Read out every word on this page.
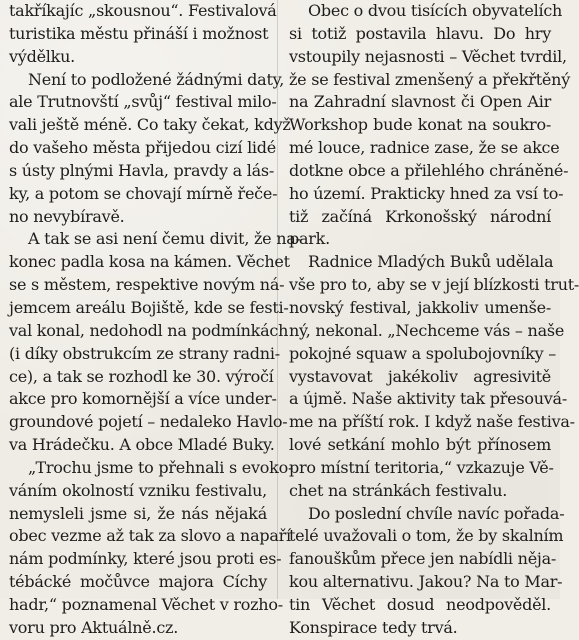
takříkajíc „skousnou“. Festivalová
turistika městu přináší i možnost
výdělku.
Není to podložené žádnými daty,
ale Trutnovští „svůj“ festival milo-
vali ještě méně. Co taky čekat, když
do vašeho města přijedou cizí lidé
s ústy plnými Havla, pravdy a lás-
ky, a potom se chovají mírně řeče-
no nevybíravě.
A tak se asi není čemu divit, že na-
konec padla kosa na kámen. Věchet
se s městem, respektive novým ná-
jemcem areálu Bojiště, kde se festi-
val konal, nedohodl na podmínkách
(i díky obstrukcím ze strany radni-
ce), a tak se rozhodl ke 30. výročí
akce pro komornější a více under-
groundové pojetí – nedaleko Havlo-
va Hrádečku. A obce Mladé Buky.
„Trochu jsme to přehnali s evoko-
váním okolností vzniku festivalu,
nemysleli jsme si, že nás nějaká
obec vezme až tak za slovo a napaří
nám podmínky, které jsou proti es-
tébácké močůvce majora Cíchy
hadr,“ poznamenal Věchet v rozho-
voru pro Aktuálně.cz.
Obec o dvou tisících obyvatelích
si totiž postavila hlavu. Do hry
vstoupily nejasnosti – Věchet tvrdil,
že se festival zmenšený a překřtěný
na Zahradní slavnost či Open Air
Workshop bude konat na soukro-
mé louce, radnice zase, že se akce
dotkne obce a přilehlého chráněné-
ho území. Prakticky hned za vsí to-
tiž začíná Krkonošský národní
park.
Radnice Mladých Buků udělala
vše pro to, aby se v její blízkosti trut-
novský festival, jakkoliv umenše-
ný, nekonal. „Nechceme vás – naše
pokojné squaw a spolubojovníky –
vystavovat jakékoliv agresivitě
a újmě. Naše aktivity tak přesouvá-
me na příští rok. I když naše festiva-
lové setkání mohlo být přínosem
pro místní teritoria,“ vzkazuje Vě-
chet na stránkách festivalu.
Do poslední chvíle navíc pořada-
telé uvažovali o tom, že by skalním
fanouškům přece jen nabídli něja-
kou alternativu. Jakou? Na to Mar-
tin Věchet dosud neodpověděl.
Konspirace tedy trvá.
